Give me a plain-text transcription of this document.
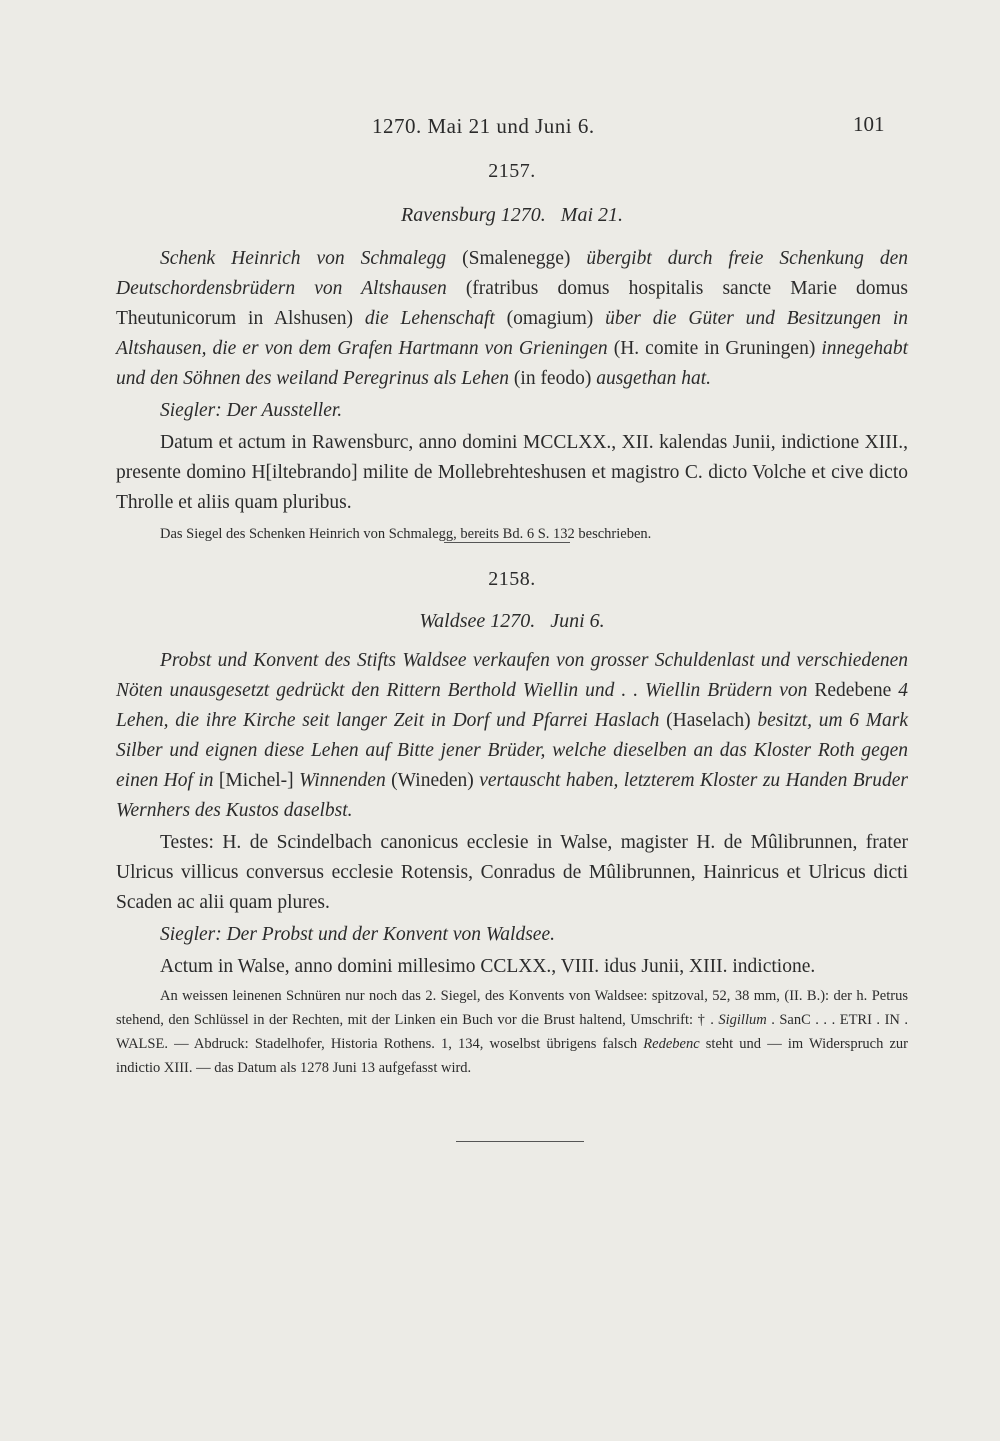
1270. Mai 21 und Juni 6.	101
2157.
Ravensburg 1270.   Mai 21.

Schenk Heinrich von Schmalegg (Smalenegge) übergibt durch freie Schenkung den Deutschordensbrüdern von Altshausen (fratribus domus hospitalis sancte Marie domus Theutunicorum in Alshusen) die Lehenschaft (omagium) über die Güter und Besitzungen in Altshausen, die er von dem Grafen Hartmann von Grieningen (H. comite in Gruningen) innegehabt und den Söhnen des weiland Peregrinus als Lehen (in feodo) ausgethan hat.

Siegler: Der Aussteller.

Datum et actum in Rawensburc, anno domini MCCLXX., XII. kalendas Junii, indictione XIII., presente domino H[iltebrando] milite de Mollebrehteshusen et magistro C. dicto Volche et cive dicto Throlle et aliis quam pluribus.

Das Siegel des Schenken Heinrich von Schmalegg, bereits Bd. 6 S. 132 beschrieben.

2158.
Waldsee 1270.   Juni 6.

Probst und Konvent des Stifts Waldsee verkaufen von grosser Schuldenlast und verschiedenen Nöten unausgesetzt gedrückt den Rittern Berthold Wiellin und . . Wiellin Brüdern von Redebene 4 Lehen, die ihre Kirche seit langer Zeit in Dorf und Pfarrei Haslach (Haselach) besitzt, um 6 Mark Silber und eignen diese Lehen auf Bitte jener Brüder, welche dieselben an das Kloster Roth gegen einen Hof in [Michel-] Winnenden (Wineden) vertauscht haben, letzterem Kloster zu Handen Bruder Wernhers des Kustos daselbst.

Testes: H. de Scindelbach canonicus ecclesie in Walse, magister H. de Mûlibrunnen, frater Ulricus villicus conversus ecclesie Rotensis, Conradus de Mûlibrunnen, Hainricus et Ulricus dicti Scaden ac alii quam plures.

Siegler: Der Probst und der Konvent von Waldsee.

Actum in Walse, anno domini millesimo CCLXX., VIII. idus Junii, XIII. indictione.

An weissen leinenen Schnüren nur noch das 2. Siegel, des Konvents von Waldsee: spitzoval, 52, 38 mm, (II. B.): der h. Petrus stehend, den Schlüssel in der Rechten, mit der Linken ein Buch vor die Brust haltend, Umschrift: † . Sigillum . SanC . . . ETRI . IN . WALSE. — Abdruck: Stadelhofer, Historia Rothens. 1, 134, woselbst übrigens falsch Redebenc steht und — im Widerspruch zur indictio XIII. — das Datum als 1278 Juni 13 aufgefasst wird.
